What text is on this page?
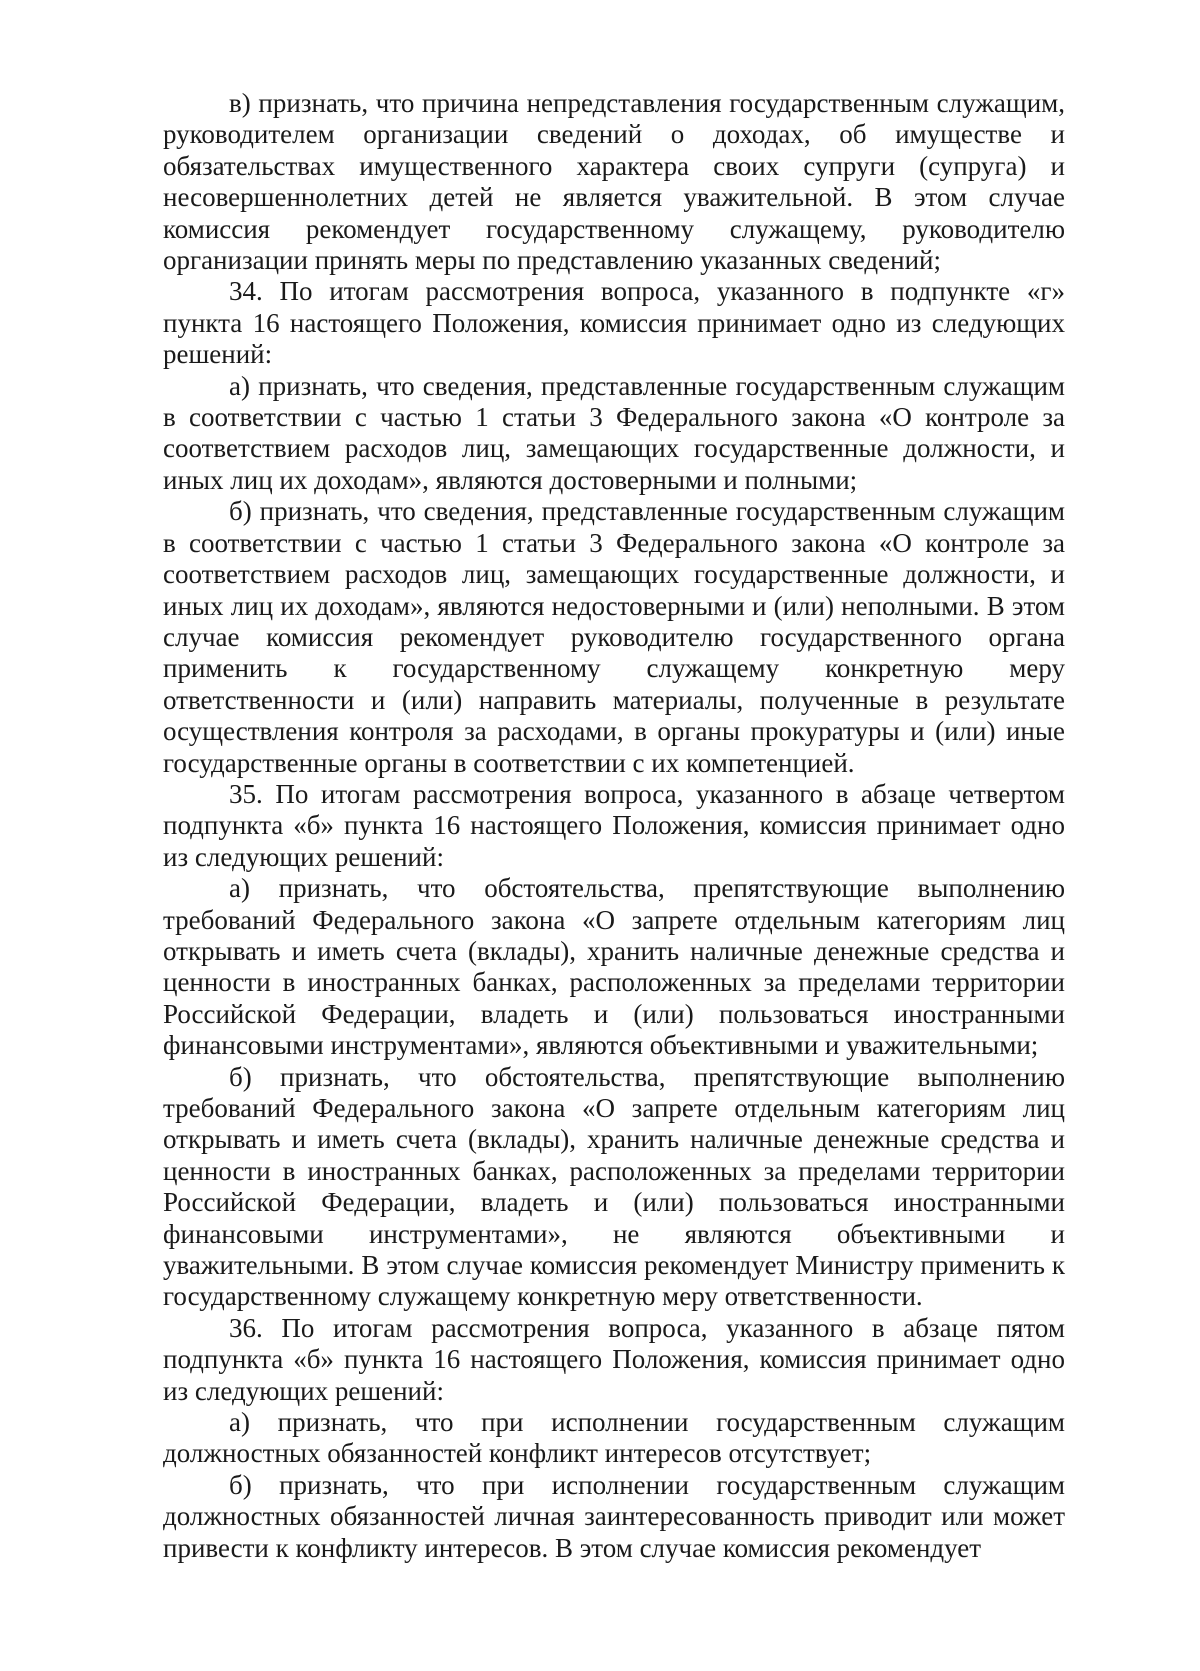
в) признать, что причина непредставления государственным служащим, руководителем организации сведений о доходах, об имуществе и обязательствах имущественного характера своих супруги (супруга) и несовершеннолетних детей не является уважительной. В этом случае комиссия рекомендует государственному служащему, руководителю организации принять меры по представлению указанных сведений;

34. По итогам рассмотрения вопроса, указанного в подпункте «г» пункта 16 настоящего Положения, комиссия принимает одно из следующих решений:

а) признать, что сведения, представленные государственным служащим в соответствии с частью 1 статьи 3 Федерального закона «О контроле за соответствием расходов лиц, замещающих государственные должности, и иных лиц их доходам», являются достоверными и полными;

б) признать, что сведения, представленные государственным служащим в соответствии с частью 1 статьи 3 Федерального закона «О контроле за соответствием расходов лиц, замещающих государственные должности, и иных лиц их доходам», являются недостоверными и (или) неполными. В этом случае комиссия рекомендует руководителю государственного органа применить к государственному служащему конкретную меру ответственности и (или) направить материалы, полученные в результате осуществления контроля за расходами, в органы прокуратуры и (или) иные государственные органы в соответствии с их компетенцией.

35. По итогам рассмотрения вопроса, указанного в абзаце четвертом подпункта «б» пункта 16 настоящего Положения, комиссия принимает одно из следующих решений:

а) признать, что обстоятельства, препятствующие выполнению требований Федерального закона «О запрете отдельным категориям лиц открывать и иметь счета (вклады), хранить наличные денежные средства и ценности в иностранных банках, расположенных за пределами территории Российской Федерации, владеть и (или) пользоваться иностранными финансовыми инструментами», являются объективными и уважительными;

б) признать, что обстоятельства, препятствующие выполнению требований Федерального закона «О запрете отдельным категориям лиц открывать и иметь счета (вклады), хранить наличные денежные средства и ценности в иностранных банках, расположенных за пределами территории Российской Федерации, владеть и (или) пользоваться иностранными финансовыми инструментами», не являются объективными и уважительными. В этом случае комиссия рекомендует Министру применить к государственному служащему конкретную меру ответственности.

36. По итогам рассмотрения вопроса, указанного в абзаце пятом подпункта «б» пункта 16 настоящего Положения, комиссия принимает одно из следующих решений:

а) признать, что при исполнении государственным служащим должностных обязанностей конфликт интересов отсутствует;

б) признать, что при исполнении государственным служащим должностных обязанностей личная заинтересованность приводит или может привести к конфликту интересов. В этом случае комиссия рекомендует
